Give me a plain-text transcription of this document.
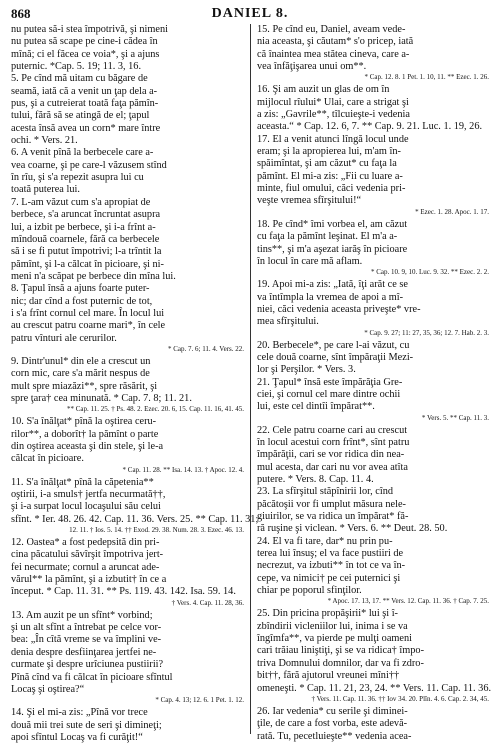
868	DANIEL 8.
nu putea să-i stea împotrivă, şi nimeni
nu putea să scape pe cine-i cădea în
mînă; ci el făcea ce voia*, şi a ajuns
puternic. *Cap. 5. 19; 11. 3, 16.
5. Pe cînd mă uitam cu băgare de
seamă, iată că a venit un ţap dela a-
pus, şi a cutreierat toată faţa pămîn-
tului, fără să se atingă de el; ţapul
acesta însă avea un corn* mare între
ochi. * Vers. 21.
6. A venit pînă la berbecele care a-
vea coarne, şi pe care-l văzusem stînd
în rîu, şi s'a repezit asupra lui cu
toată puterea lui.
7. L-am văzut cum s'a apropiat de
berbece, s'a aruncat încruntat asupra
lui, a izbit pe berbece, şi i-a frînt a-
mîndouă coarnele, fără ca berbecele
să i se fi putut împotrivi; l-a trîntit la
pămînt, şi l-a călcat în picioare, şi ni-
meni n'a scăpat pe berbece din mîna lui.
8. Ţapul însă a ajuns foarte puter-
nic; dar cînd a fost puternic de tot,
i s'a frînt cornul cel mare. În locul lui
au crescut patru coarne mari*, în cele
patru vînturi ale cerurilor.
* Cap. 7. 6; 11. 4. Vers. 22.
9. Dintr'unul* din ele a crescut un
corn mic, care s'a mărit nespus de
mult spre miazăzi**, spre răsărit, şi
spre ţara† cea minunată. * Cap. 7. 8; 11. 21.
** Cap. 11. 25. † Ps. 48. 2. Ezec. 20. 6, 15. Cap. 11. 16, 41. 45.
10. S'a înălţat* pînă la oştirea ceru-
rilor**, a doborît† la pămînt o parte
din oştirea aceasta şi din stele, şi le-a
călcat în picioare.
* Cap. 11. 28. ** Isa. 14. 13. † Apoc. 12. 4.
11. S'a înălţat* pînă la căpetenia**
oştirii, i-a smuls† jertfa necurmată††,
şi i-a surpat locul locaşului său celui
sfînt. * Ier. 48. 26. 42. Cap. 11. 36. Vers. 25. ** Cap. 11. 31;
12. 11. † Ios. 5. 14. †† Exod. 29. 38. Num. 28. 3. Ezec. 46. 13.
12. Oastea* a fost pedepsită din pri-
cina păcatului săvîrşit împotriva jert-
fei necurmate; cornul a aruncat ade-
vărul** la pămînt, şi a izbutit† în ce a
început. * Cap. 11. 31. ** Ps. 119. 43. 142. Isa. 59. 14.
† Vers. 4. Cap. 11. 28, 36.
13. Am auzit pe un sfînt* vorbind;
şi un alt sfînt a întrebat pe celce vor-
bea: „În cîtă vreme se va împlini ve-
denia despre desfiinţarea jertfei ne-
curmate şi despre urîciunea pustiirii?
Pînă cînd va fi călcat în picioare sfîntul
Locaş şi oştirea?“
* Cap. 4. 13; 12. 6. 1 Pet. 1. 12.
14. Şi el mi-a zis: „Pînă vor trece
două mii trei sute de seri şi dimineţi;
apoi sfîntul Locaş va fi curăţit!“
15. Pe cînd eu, Daniel, aveam vede-
nia aceasta, şi căutam* s'o pricep, iată
că înaintea mea stătea cineva, care a-
vea înfăţişarea unui om**.
* Cap. 12. 8. 1 Pet. 1. 10, 11. ** Ezec. 1. 26.
16. Şi am auzit un glas de om în
mijlocul rîului* Ulai, care a strigat şi
a zis: „Gavrile**, tîlcuieşte-i vedenia
aceasta.“ * Cap. 12. 6, 7. ** Cap. 9. 21. Luc. 1. 19, 26.
17. El a venit atunci lîngă locul unde
eram; şi la apropierea lui, m'am în-
spăimîntat, şi am căzut* cu faţa la
pămînt. El mi-a zis: „Fii cu luare a-
minte, fiul omului, căci vedenia pri-
veşte vremea sfîrşitului!“
* Ezec. 1. 28. Apoc. 1. 17.
18. Pe cînd* îmi vorbea el, am căzut
cu faţa la pămînt leşinat. El m'a a-
tins**, şi m'a aşezat iarăş în picioare
în locul în care mă aflam.
* Cap. 10. 9, 10. Luc. 9. 32. ** Ezec. 2. 2.
19. Apoi mi-a zis: „Iată, îţi arăt ce se
va întîmpla la vremea de apoi a mî-
niei, căci vedenia aceasta priveşte* vre-
mea sfîrşitului.
* Cap. 9. 27; 11: 27, 35, 36; 12. 7. Hab. 2. 3.
20. Berbecele*, pe care l-ai văzut, cu
cele două coarne, sînt împăraţii Mezi-
lor şi Perşilor. * Vers. 3.
21. Ţapul* însă este împărăţia Gre-
ciei, şi cornul cel mare dintre ochii
lui, este cel dintîi împărat**.
* Vers. 5. ** Cap. 11. 3.
22. Cele patru coarne cari au crescut
în locul acestui corn frînt*, sînt patru
împărăţii, cari se vor ridica din nea-
mul acesta, dar cari nu vor avea atîta
putere. * Vers. 8. Cap. 11. 4.
23. La sfîrşitul stăpînirii lor, cînd
păcătoşii vor fi umplut măsura nele-
giuirilor, se va ridica un împărat* fă-
ră ruşine şi viclean. * Vers. 6. ** Deut. 28. 50.
24. El va fi tare, dar* nu prin pu-
terea lui însuş; el va face pustiiri de
necrezut, va izbuti** în tot ce va în-
cepe, va nimici† pe cei puternici şi
chiar pe poporul sfinţilor.
* Apoc. 17. 13, 17. ** Vers. 12. Cap. 11. 36. † Cap. 7. 25.
25. Din pricina propăşirii* lui şi î-
zbîndirii vicleniilor lui, inima i se va
îngîmfa**, va pierde pe mulţi oameni
cari trăiau liniştiţi, şi se va ridica† împo-
triva Domnului domnilor, dar va fi zdro-
bit††, fără ajutorul vreunei mîni††
omeneşti. * Cap. 11. 21, 23, 24. ** Vers. 11. Cap. 11. 36.
† Vers. 11. Cap. 11. 36. †† Iov 34. 20. Plîn. 4. 6. Cap. 2. 34, 45.
26. Iar vedenia* cu serile şi diminei-
ţile, de care a fost vorba, este adevă-
rată. Tu, pecetluieşte** vedenia acea-
